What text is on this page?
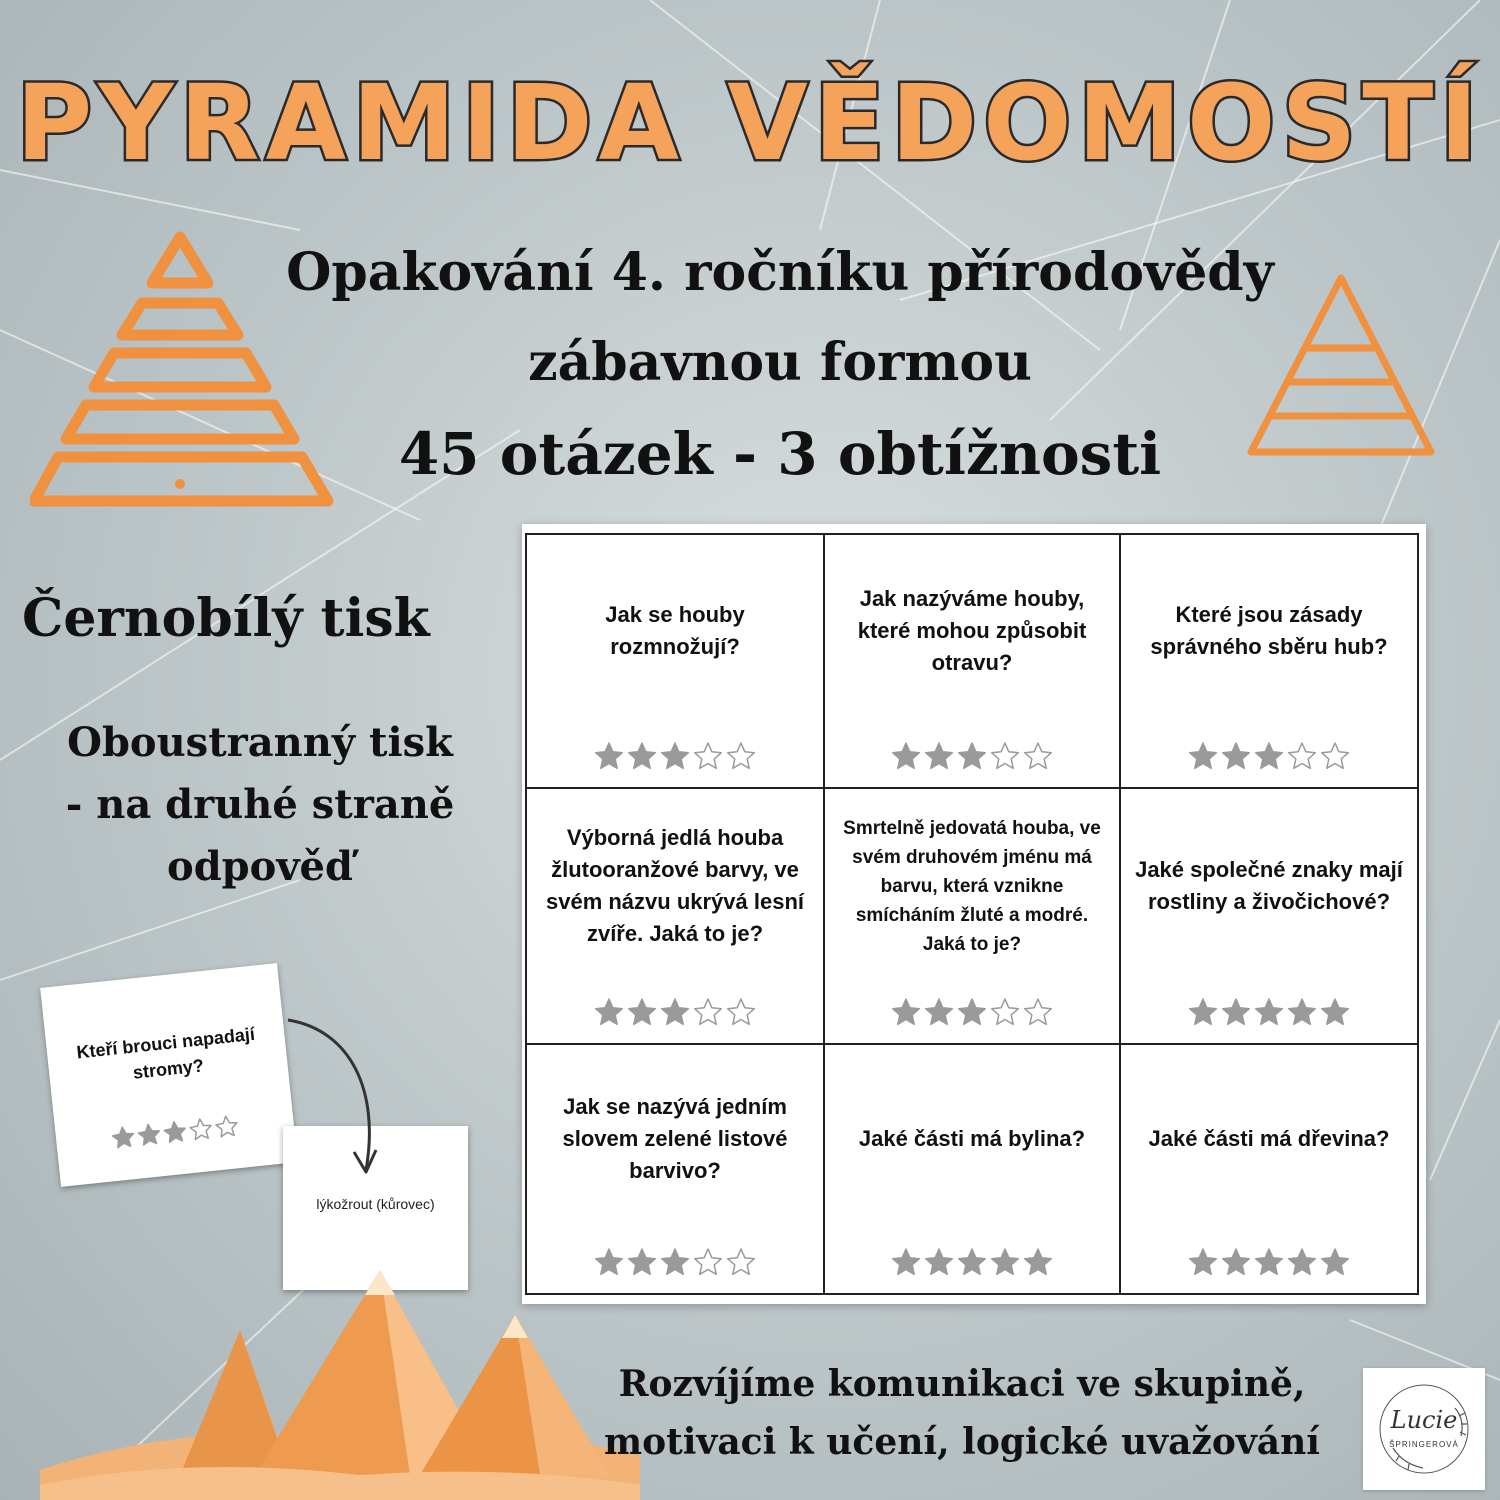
PYRAMIDA VĚDOMOSTÍ
Opakování 4. ročníku přírodovědy
zábavnou formou
45 otázek - 3 obtížnosti
Černobílý tisk
Oboustranný tisk
- na druhé straně
odpověď
Jak se houby rozmnožují?
Jak nazýváme houby, které mohou způsobit otravu?
Které jsou zásady správného sběru hub?
Výborná jedlá houba žlutooranžové barvy, ve svém názvu ukrývá lesní zvíře. Jaká to je?
Smrtelně jedovatá houba, ve svém druhovém jménu má barvu, která vznikne smícháním žluté a modré. Jaká to je?
Jaké společné znaky mají rostliny a živočichové?
Jak se nazývá jedním slovem zelené listové barvivo?
Jaké části má bylina?	Jaké části má dřevina?
Kteří brouci napadají stromy?
lýkožrout (kůrovec)
Rozvíjíme komunikaci ve skupině,
motivaci k učení, logické uvažování
Lucie
ŠPRINGEROVÁ
